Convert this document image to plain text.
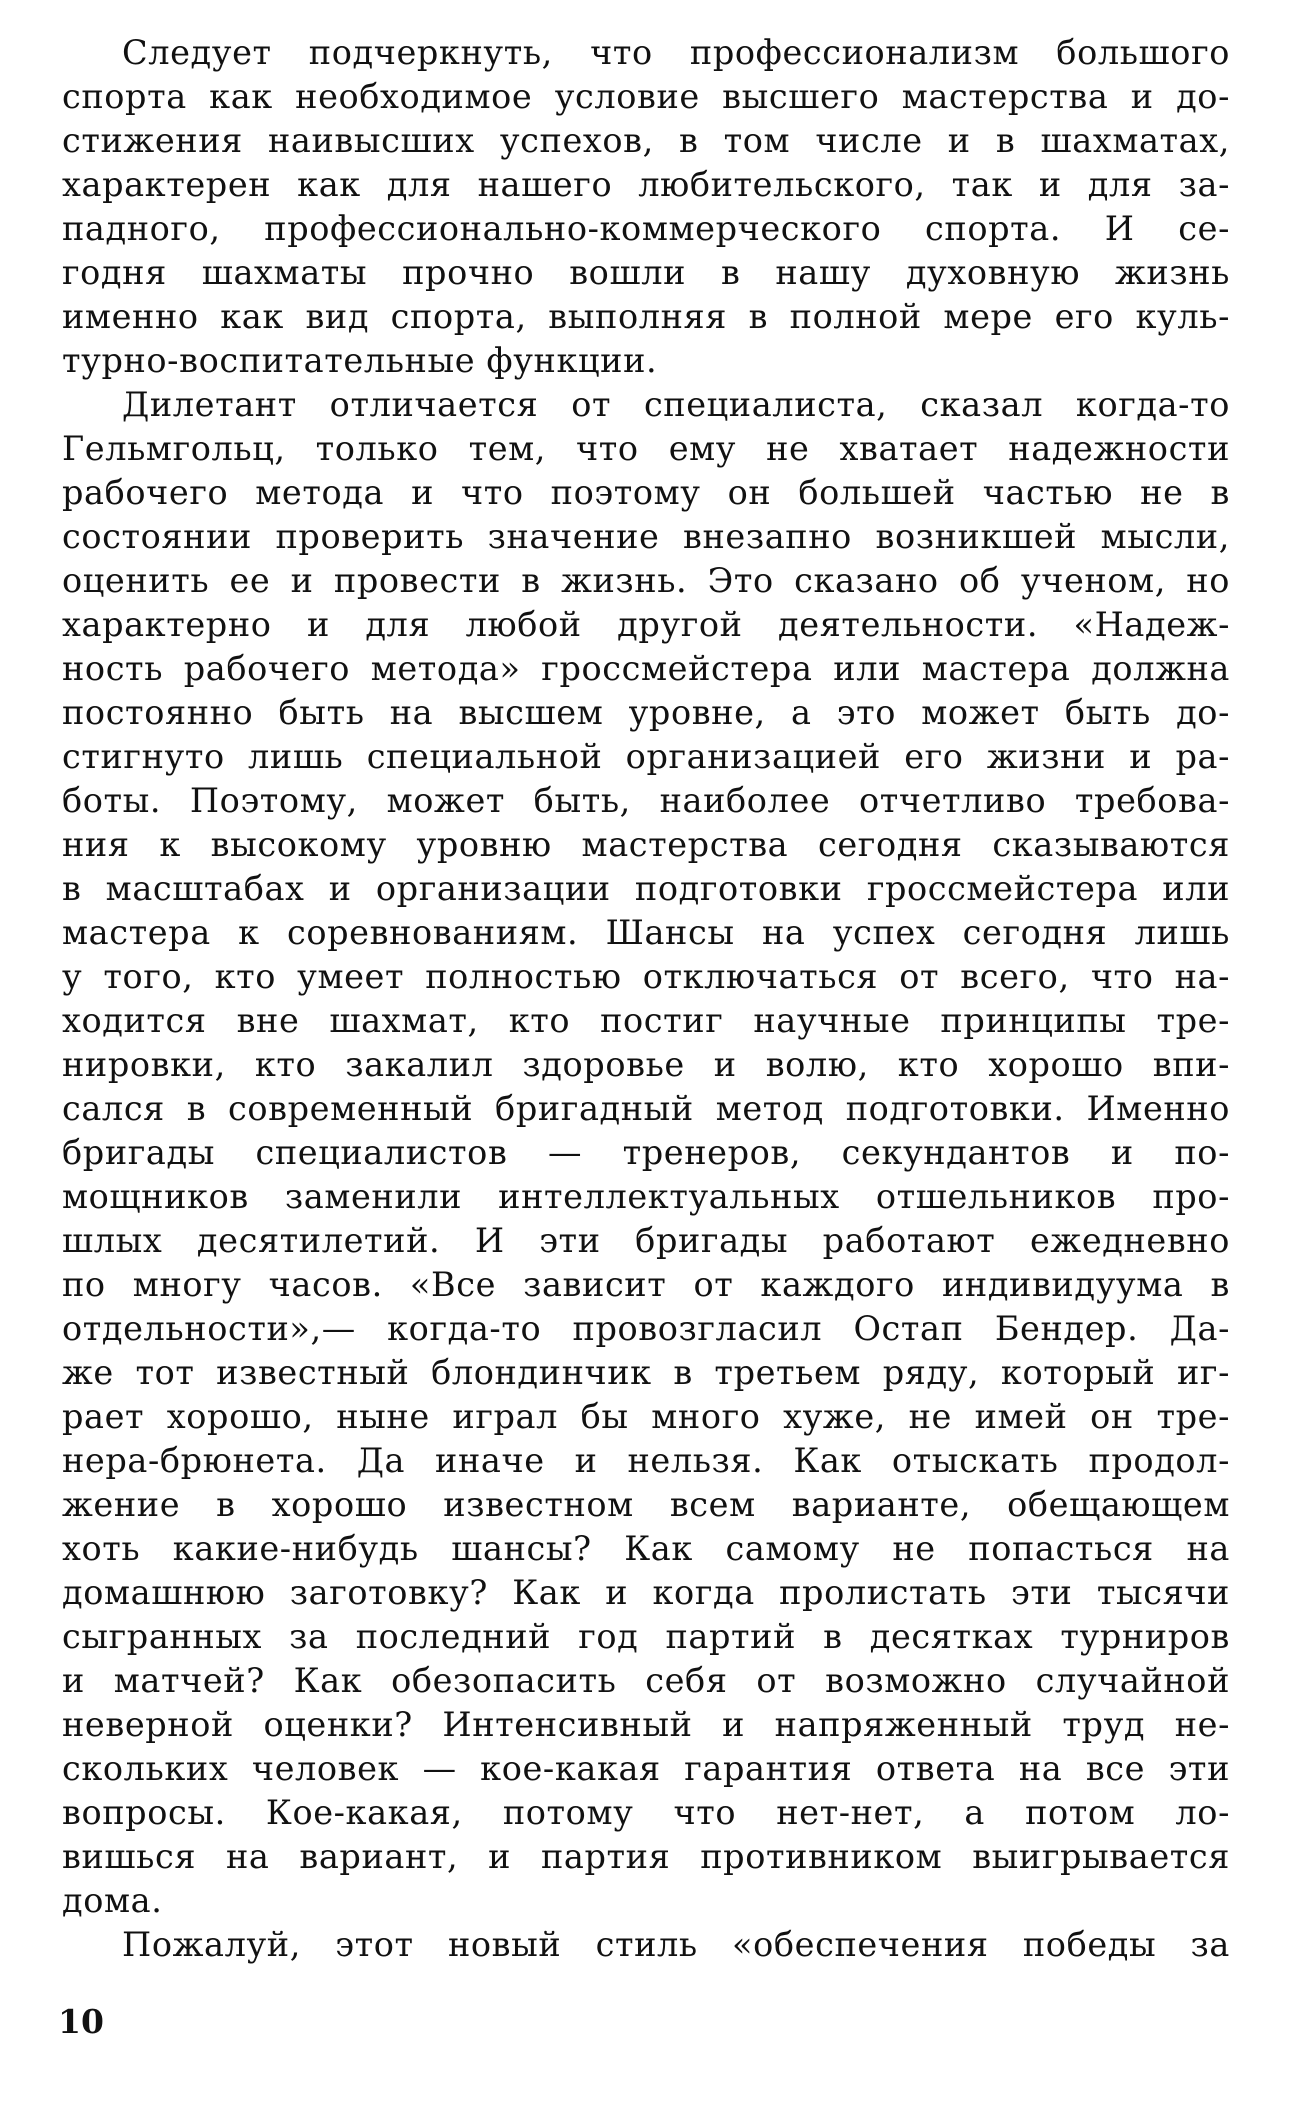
Следует подчеркнуть, что профессионализм большого
спорта как необходимое условие высшего мастерства и до-
стижения наивысших успехов, в том числе и в шахматах,
характерен как для нашего любительского, так и для за-
падного, профессионально-коммерческого спорта. И се-
годня шахматы прочно вошли в нашу духовную жизнь
именно как вид спорта, выполняя в полной мере его куль-
турно-воспитательные функции.
Дилетант отличается от специалиста, сказал когда-то
Гельмгольц, только тем, что ему не хватает надежности
рабочего метода и что поэтому он большей частью не в
состоянии проверить значение внезапно возникшей мысли,
оценить ее и провести в жизнь. Это сказано об ученом, но
характерно и для любой другой деятельности. «Надеж-
ность рабочего метода» гроссмейстера или мастера должна
постоянно быть на высшем уровне, а это может быть до-
стигнуто лишь специальной организацией его жизни и ра-
боты. Поэтому, может быть, наиболее отчетливо требова-
ния к высокому уровню мастерства сегодня сказываются
в масштабах и организации подготовки гроссмейстера или
мастера к соревнованиям. Шансы на успех сегодня лишь
у того, кто умеет полностью отключаться от всего, что на-
ходится вне шахмат, кто постиг научные принципы тре-
нировки, кто закалил здоровье и волю, кто хорошо впи-
сался в современный бригадный метод подготовки. Именно
бригады специалистов — тренеров, секундантов и по-
мощников заменили интеллектуальных отшельников про-
шлых десятилетий. И эти бригады работают ежедневно
по многу часов. «Все зависит от каждого индивидуума в
отдельности»,— когда-то провозгласил Остап Бендер. Да-
же тот известный блондинчик в третьем ряду, который иг-
рает хорошо, ныне играл бы много хуже, не имей он тре-
нера-брюнета. Да иначе и нельзя. Как отыскать продол-
жение в хорошо известном всем варианте, обещающем
хоть какие-нибудь шансы? Как самому не попасться на
домашнюю заготовку? Как и когда пролистать эти тысячи
сыгранных за последний год партий в десятках турниров
и матчей? Как обезопасить себя от возможно случайной
неверной оценки? Интенсивный и напряженный труд не-
скольких человек — кое-какая гарантия ответа на все эти
вопросы. Кое-какая, потому что нет-нет, а потом ло-
вишься на вариант, и партия противником выигрывается
дома.
Пожалуй, этот новый стиль «обеспечения победы за
10
